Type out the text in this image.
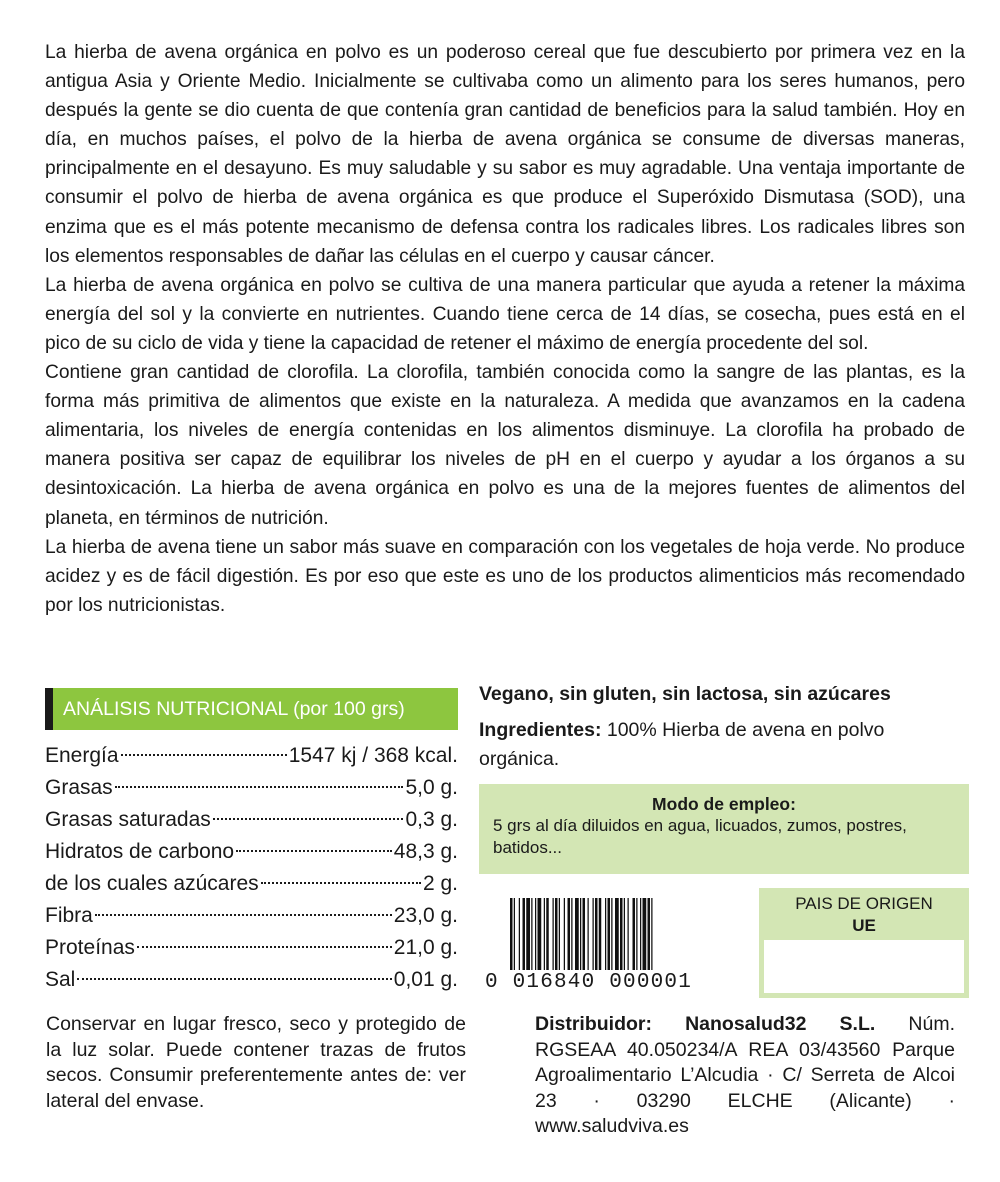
La hierba de avena orgánica en polvo es un poderoso cereal que fue descubierto por primera vez en la antigua Asia y Oriente Medio. Inicialmente se cultivaba como un alimento para los seres humanos, pero después la gente se dio cuenta de que contenía gran cantidad de beneficios para la salud también. Hoy en día, en muchos países, el polvo de la hierba de avena orgánica se consume de diversas maneras, principalmente en el desayuno. Es muy saludable y su sabor es muy agradable. Una ventaja importante de consumir el polvo de hierba de avena orgánica es que produce el Superóxido Dismutasa (SOD), una enzima que es el más potente mecanismo de defensa contra los radicales libres. Los radicales libres son los elementos responsables de dañar las células en el cuerpo y causar cáncer.

La hierba de avena orgánica en polvo se cultiva de una manera particular que ayuda a retener la máxima energía del sol y la convierte en nutrientes. Cuando tiene cerca de 14 días, se cosecha, pues está en el pico de su ciclo de vida y tiene la capacidad de retener el máximo de energía procedente del sol.

Contiene gran cantidad de clorofila. La clorofila, también conocida como la sangre de las plantas, es la forma más primitiva de alimentos que existe en la naturaleza. A medida que avanzamos en la cadena alimentaria, los niveles de energía contenidas en los alimentos disminuye. La clorofila ha probado de manera positiva ser capaz de equilibrar los niveles de pH en el cuerpo y ayudar a los órganos a su desintoxicación. La hierba de avena orgánica en polvo es una de la mejores fuentes de alimentos del planeta, en términos de nutrición.

La hierba de avena tiene un sabor más suave en comparación con los vegetales de hoja verde. No produce acidez y es de fácil digestión. Es por eso que este es uno de los productos alimenticios más recomendado por los nutricionistas.

ANÁLISIS NUTRICIONAL (por 100 grs)
Energía	1547 kj / 368 kcal.
Grasas	5,0 g.
Grasas saturadas	0,3 g.
Hidratos de carbono	48,3 g.
de los cuales azúcares	2 g.
Fibra	23,0 g.
Proteínas	21,0 g.
Sal	0,01 g.
Conservar en lugar fresco, seco y protegido de la luz solar. Puede contener trazas de frutos secos. Consumir preferentemente antes de: ver lateral del envase.
Vegano, sin gluten, sin lactosa, sin azúcares
Ingredientes: 100% Hierba de avena en polvo orgánica.
Modo de empleo:
5 grs al día diluidos en agua, licuados, zumos, postres, batidos...
0 016840 000001
PAIS DE ORIGEN
UE
Distribuidor: Nanosalud32 S.L. Núm. RGSEAA 40.050234/A REA 03/43560 Parque Agroalimentario L’Alcudia · C/ Serreta de Alcoi 23 · 03290 ELCHE (Alicante) · www.saludviva.es
